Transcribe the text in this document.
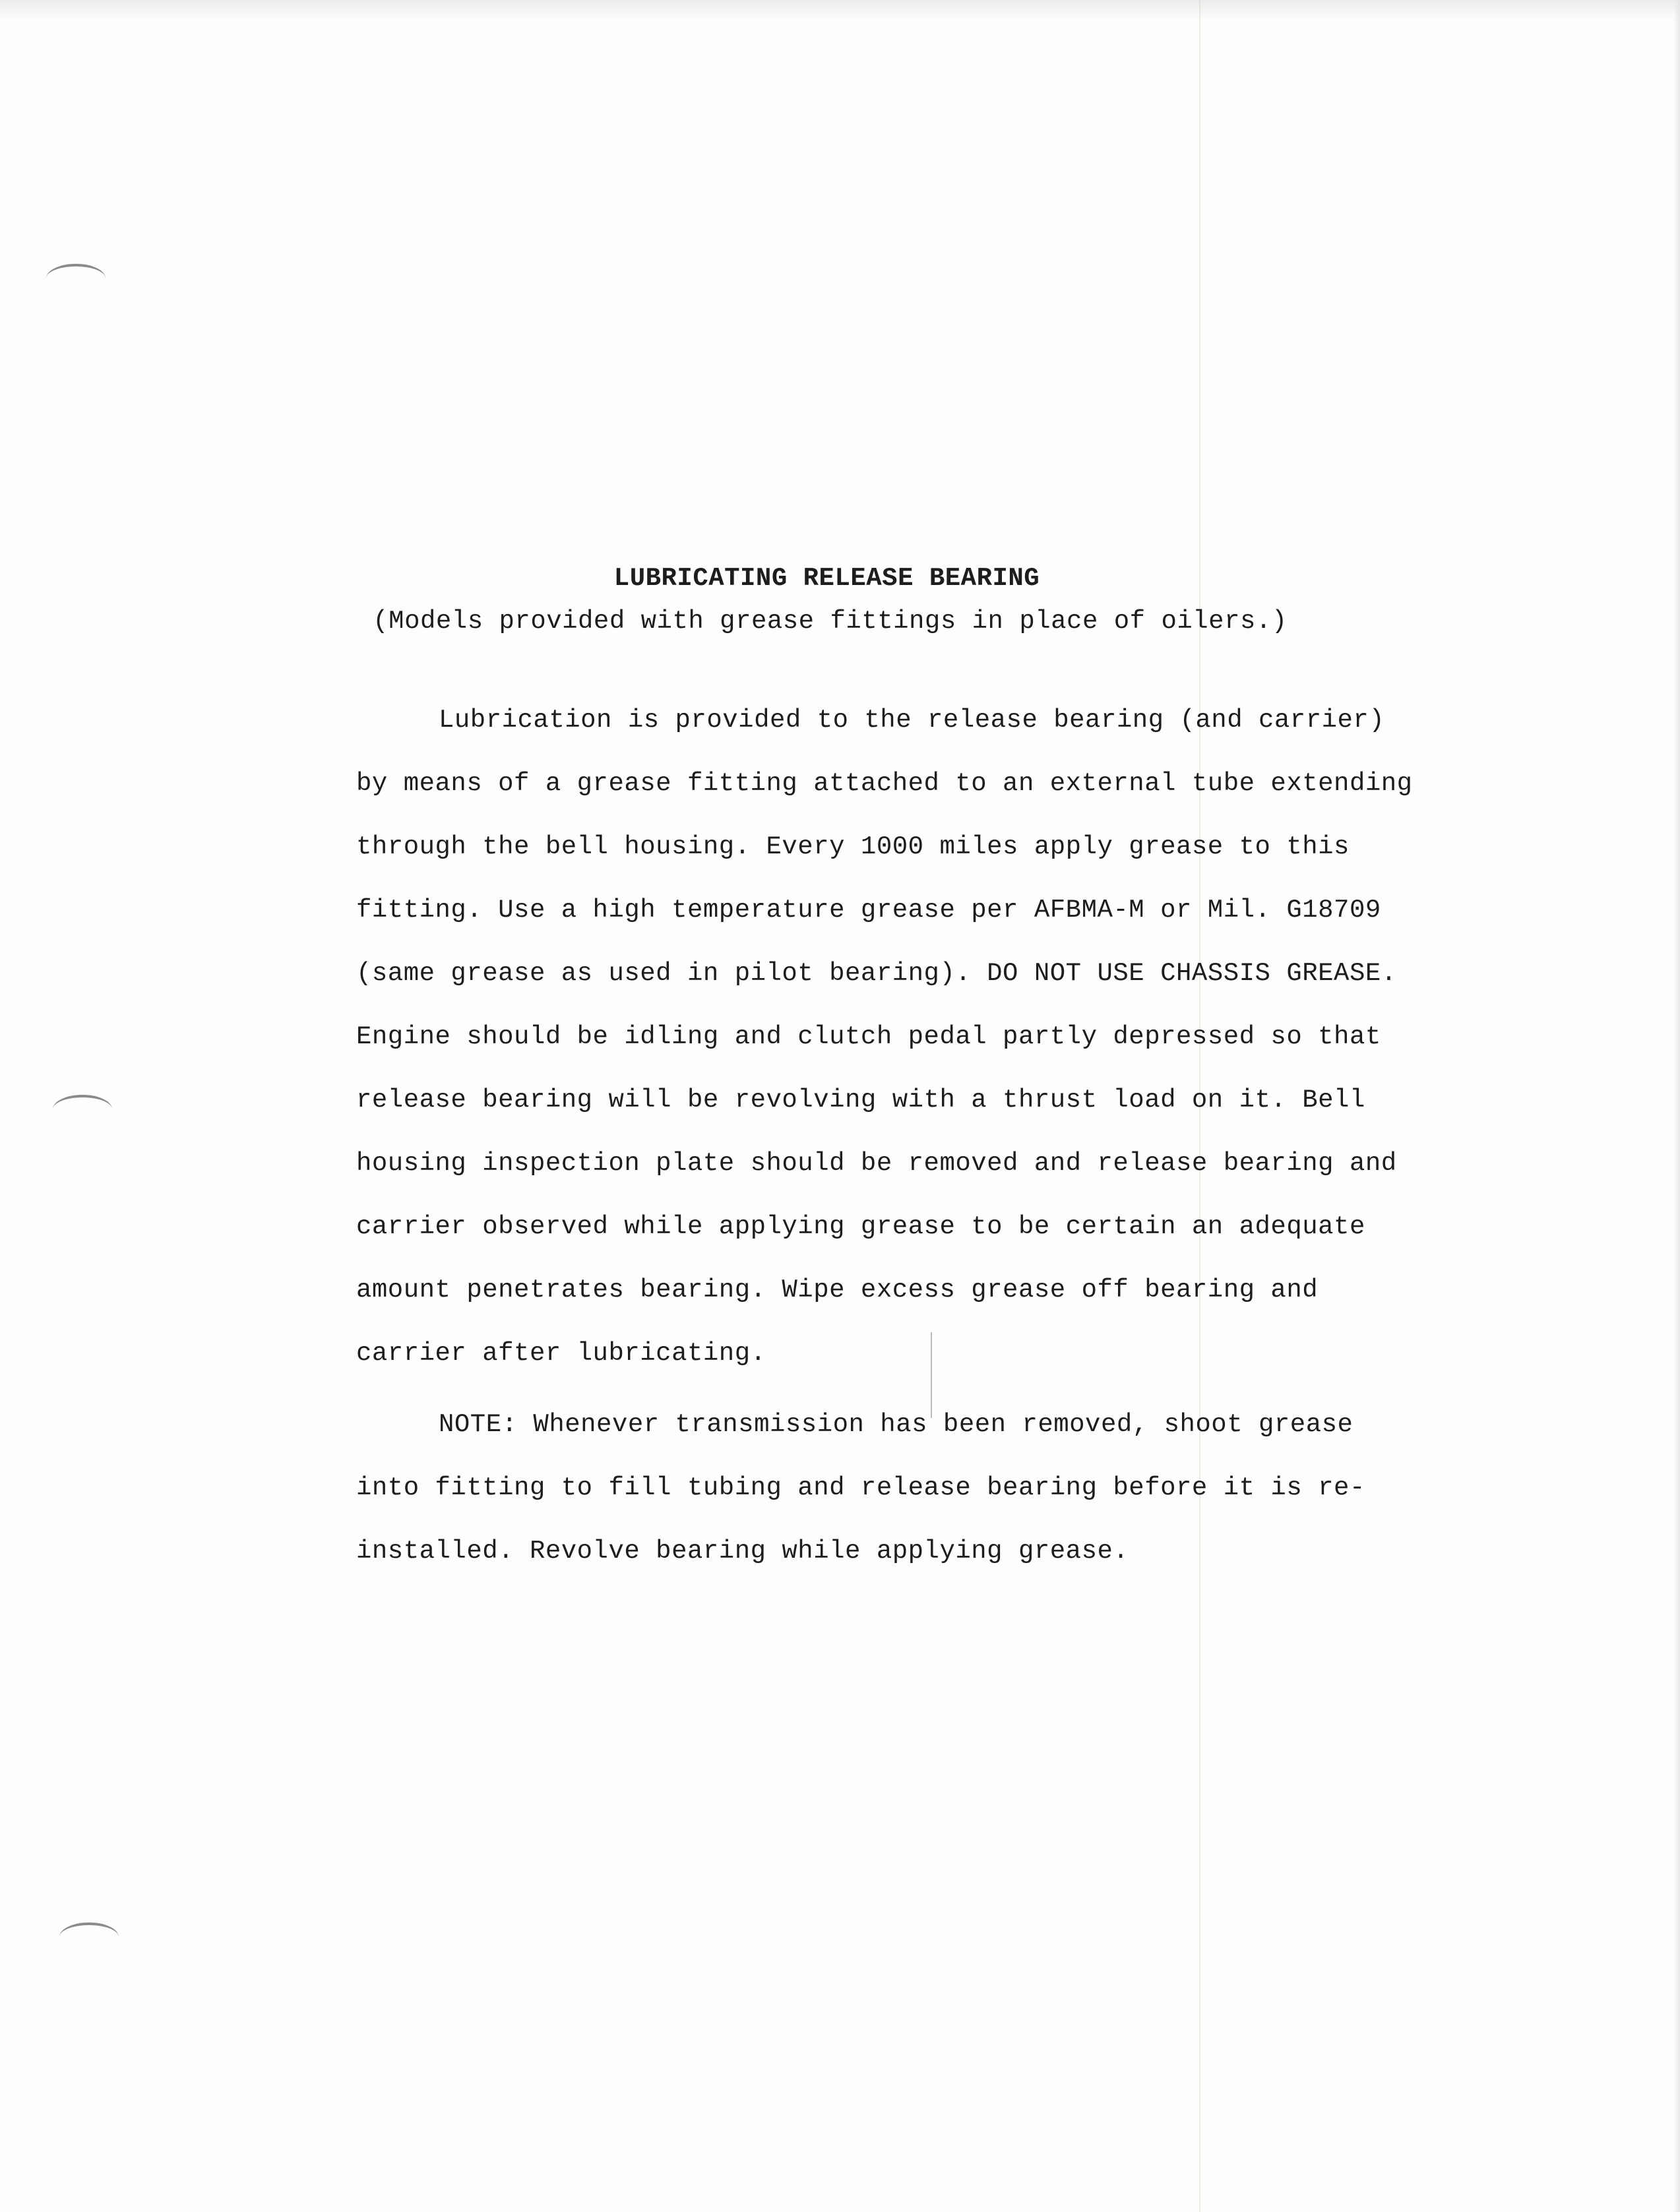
LUBRICATING RELEASE BEARING

(Models provided with grease fittings in place of oilers.)

Lubrication is provided to the release bearing (and carrier)

by means of a grease fitting attached to an external tube extending

through the bell housing. Every 1000 miles apply grease to this

fitting. Use a high temperature grease per AFBMA-M or Mil. G18709

(same grease as used in pilot bearing). DO NOT USE CHASSIS GREASE.

Engine should be idling and clutch pedal partly depressed so that

release bearing will be revolving with a thrust load on it. Bell

housing inspection plate should be removed and release bearing and

carrier observed while applying grease to be certain an adequate

amount penetrates bearing. Wipe excess grease off bearing and

carrier after lubricating.

NOTE: Whenever transmission has been removed, shoot grease

into fitting to fill tubing and release bearing before it is re-

installed. Revolve bearing while applying grease.
